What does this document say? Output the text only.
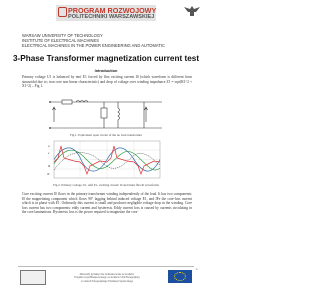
PROGRAM ROZWOJOWY
POLITECHNIKI WARSZAWSKIEJ
WARSAW UNIVERSITY OF TECHNOLOGY
INSTITUTE OF ELECTRICAL MACHINES
ELECTRICAL MACHINES IN THE POWER ENGINEERING AND AUTOMATIC
3-Phase Transformer magnetization current test
Introduction
Primary voltage U1 is balanced by emf E1 forced by flux exciting current I0 (which waveform is different from sinusoidal due to; iron core non linear characteristic) and drop of voltage over winding impedance Z1 = sqrt(R1^2 + X1^2) – Fig 1.
Fig.1. Equivalent open circuit of the no load transformer
u
e
Φ
i0
Fig.2. Primary voltage U1, emf E1, exciting current i0 and main flux Φ waveforms
Core exciting current I0 flows in the primary transformer winding independently of the load. It has two components: I0 the magnetizing component which flows 90° lagging behind induced voltage E1, and IFe the core-loss current which is in phase with E1. Ordinarily this current is small and produces negligible voltage drop in the winding. Core loss current has two components: eddy current and hysteresis. Eddy current loss is caused by currents circulating in the core laminations. Hysteresis loss is the power required to magnetize the core
Materiały dydaktyczne dofinansowane ze środków
Projektu współfinansowanego ze środków Unii Europejskiej
w ramach Europejskiego Funduszu Społecznego
1
